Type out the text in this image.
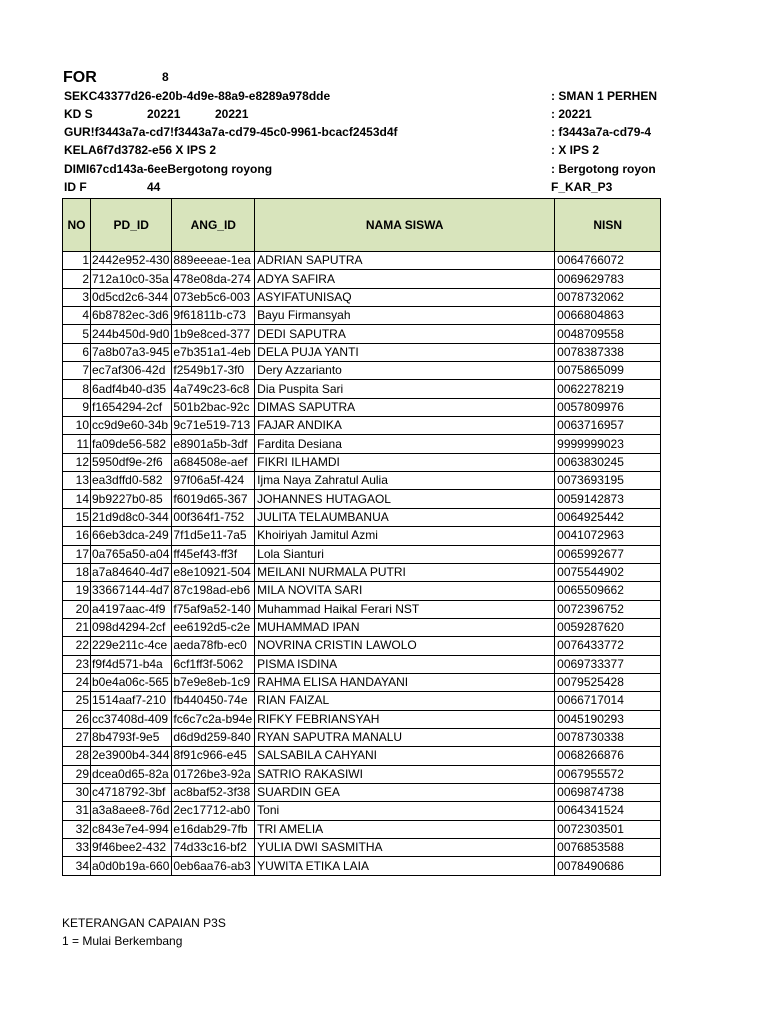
FOR	8
SEKC43377d26-e20b-4d9e-88a9-e8289a978dde	: SMAN 1 PERHEN
KD S	20221	20221	: 20221
GUR!f3443a7a-cd7!f3443a7a-cd79-45c0-9961-bcacf2453d4f	: f3443a7a-cd79-4
KELA6f7d3782-e56 X IPS 2	: X IPS 2
DIMI67cd143a-6eeBergotong royong	: Bergotong royon
ID F	44	F_KAR_P3
NO	PD_ID	ANG_ID	NAMA SISWA	NISN
1	2442e952-430	889eeeae-1ea	ADRIAN SAPUTRA	0064766072
2	712a10c0-35a	478e08da-274	ADYA SAFIRA	0069629783
3	0d5cd2c6-344	073eb5c6-003	ASYIFATUNISAQ	0078732062
4	6b8782ec-3d6	9f61811b-c73	Bayu Firmansyah	0066804863
5	244b450d-9d0	1b9e8ced-377	DEDI SAPUTRA	0048709558
6	7a8b07a3-945	e7b351a1-4eb	DELA PUJA YANTI	0078387338
7	ec7af306-42d	f2549b17-3f0	Dery Azzarianto	0075865099
8	6adf4b40-d35	4a749c23-6c8	Dia Puspita Sari	0062278219
9	f1654294-2cf	501b2bac-92c	DIMAS SAPUTRA	0057809976
10	cc9d9e60-34b	9c71e519-713	FAJAR ANDIKA	0063716957
11	fa09de56-582	e8901a5b-3df	Fardita Desiana	9999999023
12	5950df9e-2f6	a684508e-aef	FIKRI ILHAMDI	0063830245
13	ea3dffd0-582	97f06a5f-424	Ijma Naya Zahratul Aulia	0073693195
14	9b9227b0-85	f6019d65-367	JOHANNES HUTAGAOL	0059142873
15	21d9d8c0-344	00f364f1-752	JULITA TELAUMBANUA	0064925442
16	66eb3dca-249	7f1d5e11-7a5	Khoiriyah Jamitul Azmi	0041072963
17	0a765a50-a04	ff45ef43-ff3f	Lola Sianturi	0065992677
18	a7a84640-4d7	e8e10921-504	MEILANI NURMALA PUTRI	0075544902
19	33667144-4d7	87c198ad-eb6	MILA NOVITA SARI	0065509662
20	a4197aac-4f9	f75af9a52-140	Muhammad Haikal Ferari NST	0072396752
21	098d4294-2cf	ee6192d5-c2e	MUHAMMAD IPAN	0059287620
22	229e211c-4ce	aeda78fb-ec0	NOVRINA CRISTIN LAWOLO	0076433772
23	f9f4d571-b4a	6cf1ff3f-5062	PISMA ISDINA	0069733377
24	b0e4a06c-565	b7e9e8eb-1c9	RAHMA ELISA HANDAYANI	0079525428
25	1514aaf7-210	fb440450-74e	RIAN FAIZAL	0066717014
26	cc37408d-409	fc6c7c2a-b94e	RIFKY FEBRIANSYAH	0045190293
27	8b4793f-9e5	d6d9d259-840	RYAN SAPUTRA MANALU	0078730338
28	2e3900b4-344	8f91c966-e45	SALSABILA CAHYANI	0068266876
29	dcea0d65-82a	01726be3-92a	SATRIO RAKASIWI	0067955572
30	c4718792-3bf	ac8baf52-3f38	SUARDIN GEA	0069874738
31	a3a8aee8-76d	2ec17712-ab0	Toni	0064341524
32	c843e7e4-994	e16dab29-7fb	TRI AMELIA	0072303501
33	9f46bee2-432	74d33c16-bf2	YULIA DWI SASMITHA	0076853588
34	a0d0b19a-660	0eb6aa76-ab3	YUWITA ETIKA LAIA	0078490686
KETERANGAN CAPAIAN P3S
1 = Mulai Berkembang
